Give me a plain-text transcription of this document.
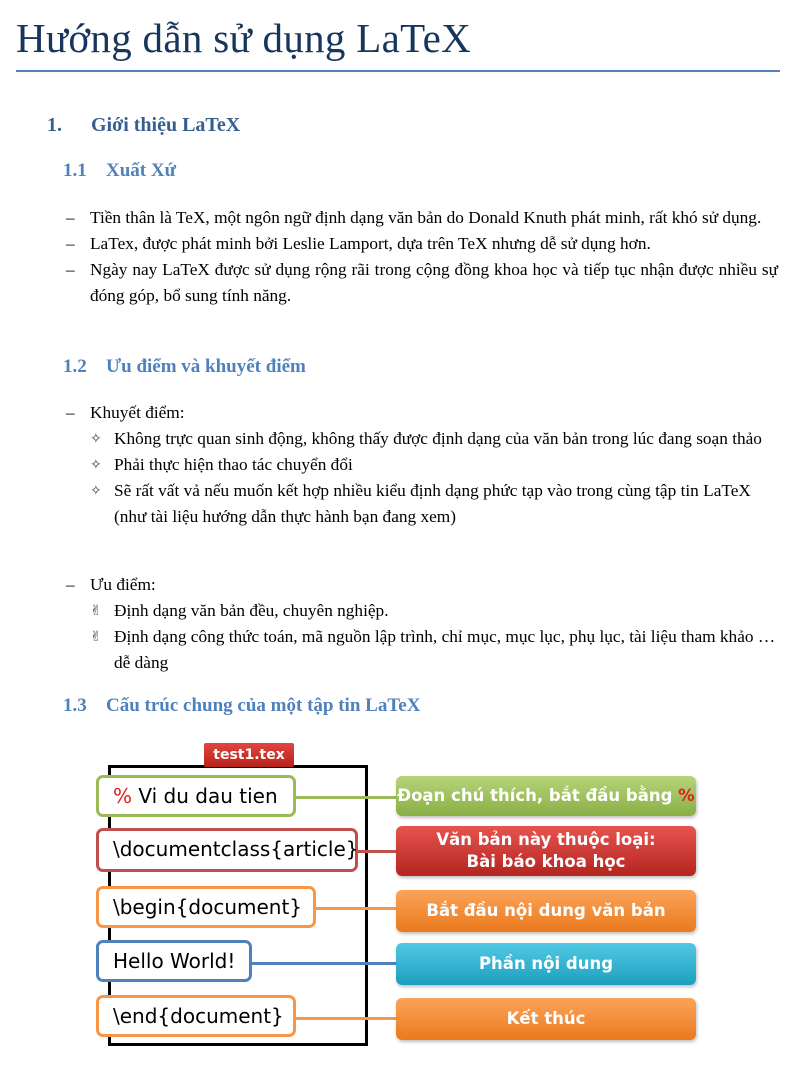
Hướng dẫn sử dụng LaTeX
1. Giới thiệu LaTeX
1.1 Xuất Xứ
– Tiền thân là TeX, một ngôn ngữ định dạng văn bản do Donald Knuth phát minh, rất khó sử dụng.
– LaTex, được phát minh bởi Leslie Lamport, dựa trên TeX nhưng dễ sử dụng hơn.
– Ngày nay LaTeX được sử dụng rộng rãi trong cộng đồng khoa học và tiếp tục nhận được nhiều sự đóng góp, bổ sung tính năng.
1.2 Ưu điểm và khuyết điểm
– Khuyết điểm:
✧ Không trực quan sinh động, không thấy được định dạng của văn bản trong lúc đang soạn thảo
✧ Phải thực hiện thao tác chuyển đổi
✧ Sẽ rất vất vả nếu muốn kết hợp nhiều kiểu định dạng phức tạp vào trong cùng tập tin LaTeX (như tài liệu hướng dẫn thực hành bạn đang xem)
– Ưu điểm:
✌ Định dạng văn bản đều, chuyên nghiệp.
✌ Định dạng công thức toán, mã nguồn lập trình, chỉ mục, mục lục, phụ lục, tài liệu tham khảo … dễ dàng
1.3 Cấu trúc chung của một tập tin LaTeX
test1.tex
% Vi du dau tien
\documentclass{article}
\begin{document}
Hello World!
\end{document}
Đoạn chú thích, bắt đầu bằng %
Văn bản này thuộc loại:
Bài báo khoa học
Bắt đầu nội dung văn bản
Phần nội dung
Kết thúc
